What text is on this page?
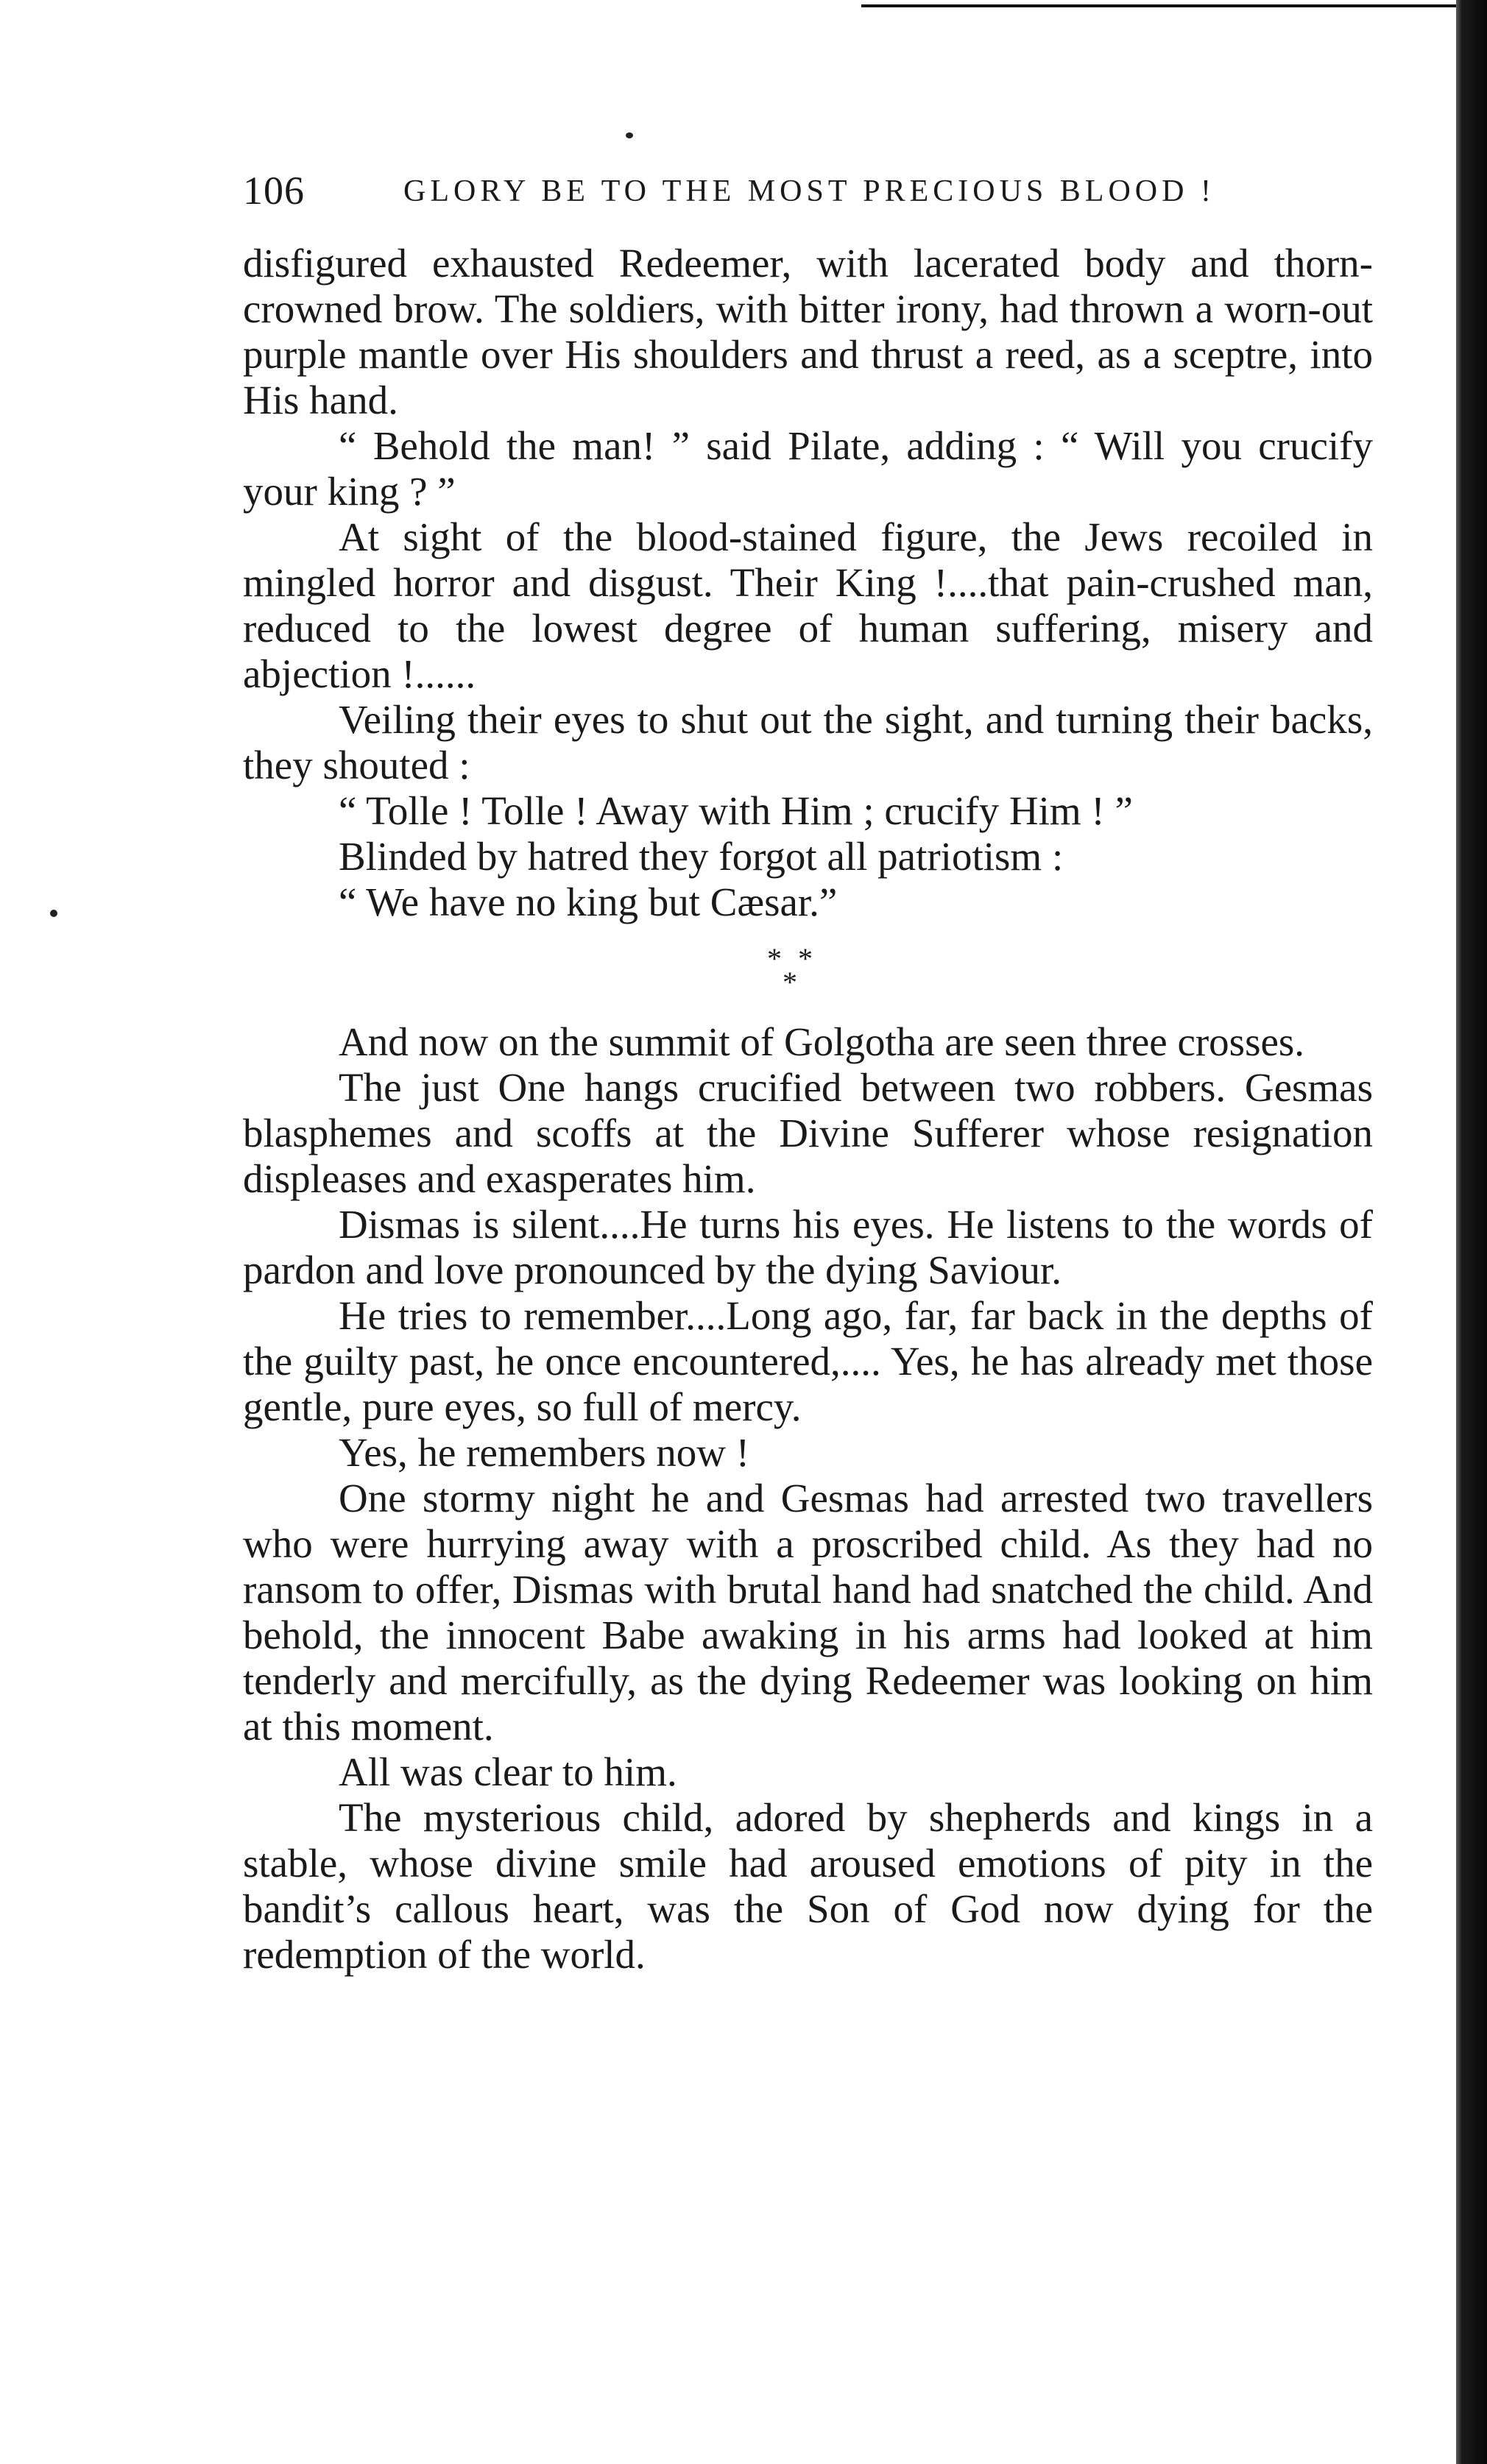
106	GLORY BE TO THE MOST PRECIOUS BLOOD !

disfigured exhausted Redeemer, with lacerated body and thorn-crowned brow. The soldiers, with bitter irony, had thrown a worn-out purple mantle over His shoulders and thrust a reed, as a sceptre, into His hand.

“ Behold the man! ” said Pilate, adding : “ Will you crucify your king ? ”

At sight of the blood-stained figure, the Jews recoiled in mingled horror and disgust. Their King !....that pain-crushed man, reduced to the lowest degree of human suffering, misery and abjection !......

Veiling their eyes to shut out the sight, and turning their backs, they shouted :

“ Tolle ! Tolle ! Away with Him ; crucify Him ! ”

Blinded by hatred they forgot all patriotism :

“ We have no king but Cæsar.”

* *
*

And now on the summit of Golgotha are seen three crosses.

The just One hangs crucified between two robbers. Gesmas blasphemes and scoffs at the Divine Sufferer whose resignation displeases and exasperates him.

Dismas is silent....He turns his eyes. He listens to the words of pardon and love pronounced by the dying Saviour.

He tries to remember....Long ago, far, far back in the depths of the guilty past, he once encountered,.... Yes, he has already met those gentle, pure eyes, so full of mercy.

Yes, he remembers now !

One stormy night he and Gesmas had arrested two travellers who were hurrying away with a proscribed child. As they had no ransom to offer, Dismas with brutal hand had snatched the child. And behold, the innocent Babe awaking in his arms had looked at him tenderly and mercifully, as the dying Redeemer was looking on him at this moment.

All was clear to him.

The mysterious child, adored by shepherds and kings in a stable, whose divine smile had aroused emotions of pity in the bandit’s callous heart, was the Son of God now dying for the redemption of the world.
